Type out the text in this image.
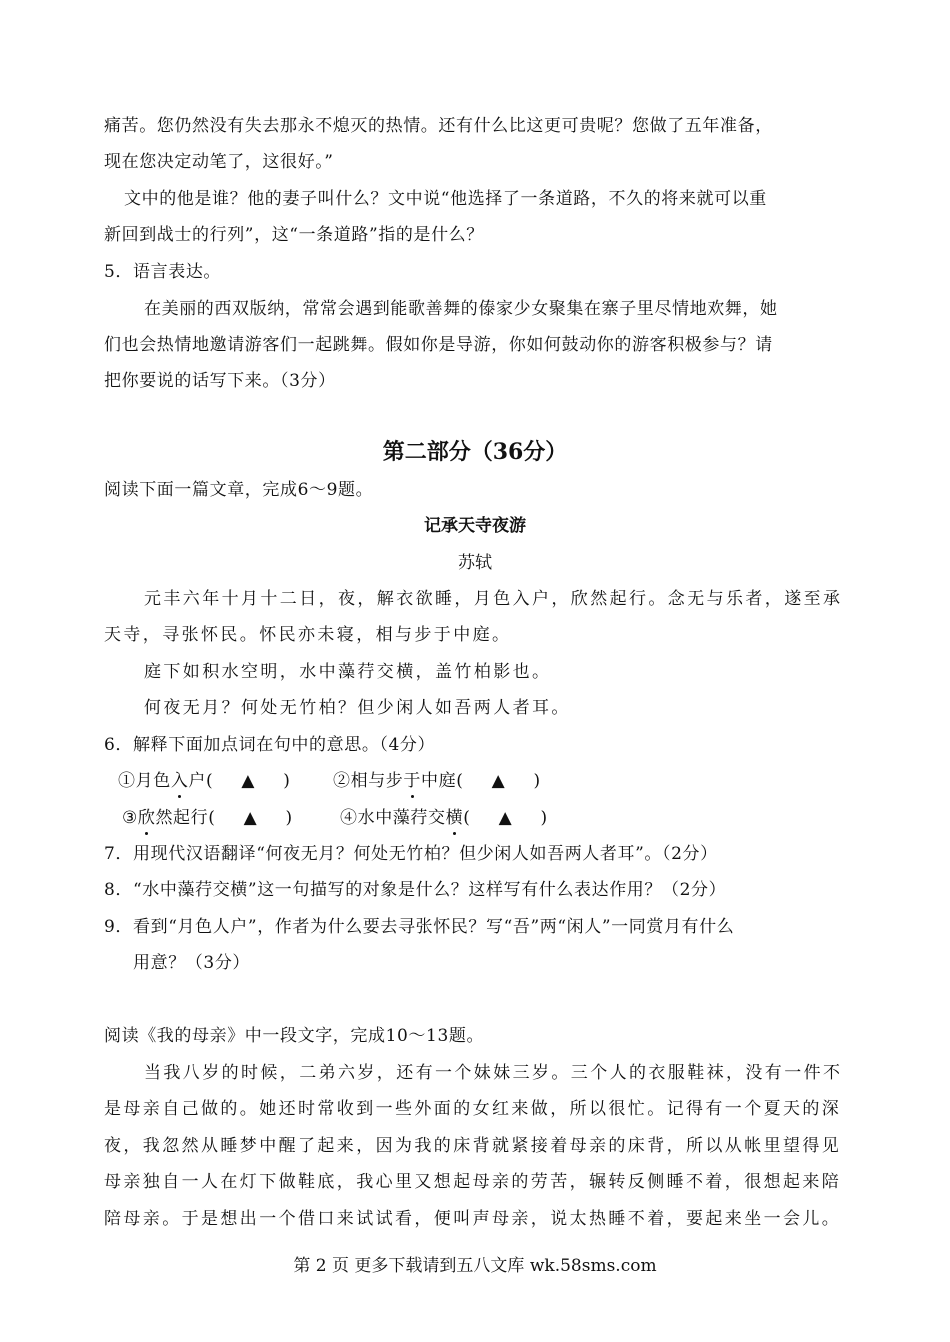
痛苦。您仍然没有失去那永不熄灭的热情。还有什么比这更可贵呢？您做了五年准备，
现在您决定动笔了，这很好。”
文中的他是谁？他的妻子叫什么？文中说“他选择了一条道路，不久的将来就可以重
新回到战士的行列”，这“一条道路”指的是什么？
5．语言表达。
在美丽的西双版纳，常常会遇到能歌善舞的傣家少女聚集在寨子里尽情地欢舞，她
们也会热情地邀请游客们一起跳舞。假如你是导游，你如何鼓动你的游客积极参与？请
把你要说的话写下来。（3分）
第二部分（36分）
阅读下面一篇文章，完成6～9题。
记承天寺夜游
苏轼
元丰六年十月十二日，夜，解衣欲睡，月色入户，欣然起行。念无与乐者，遂至承
天寺，寻张怀民。怀民亦未寝，相与步于中庭。
庭下如积水空明，水中藻荇交横，盖竹柏影也。
何夜无月？何处无竹柏？但少闲人如吾两人者耳。
6．解释下面加点词在句中的意思。（4分）
①月色入户( ▲ )	②相与步于中庭( ▲ )
③欣然起行( ▲ )	④水中藻荇交横( ▲ )
7．用现代汉语翻译“何夜无月？何处无竹柏？但少闲人如吾两人者耳”。（2分）
8．“水中藻荇交横”这一句描写的对象是什么？这样写有什么表达作用？（2分）
9．看到“月色人户”，作者为什么要去寻张怀民？写“吾”两“闲人”一同赏月有什么
用意？（3分）
阅读《我的母亲》中一段文字，完成10～13题。
当我八岁的时候，二弟六岁，还有一个妹妹三岁。三个人的衣服鞋袜，没有一件不
是母亲自己做的。她还时常收到一些外面的女红来做，所以很忙。记得有一个夏天的深
夜，我忽然从睡梦中醒了起来，因为我的床背就紧接着母亲的床背，所以从帐里望得见
母亲独自一人在灯下做鞋底，我心里又想起母亲的劳苦，辗转反侧睡不着，很想起来陪
陪母亲。于是想出一个借口来试试看，便叫声母亲，说太热睡不着，要起来坐一会儿。
第 2 页 更多下载请到五八文库 wk.58sms.com
